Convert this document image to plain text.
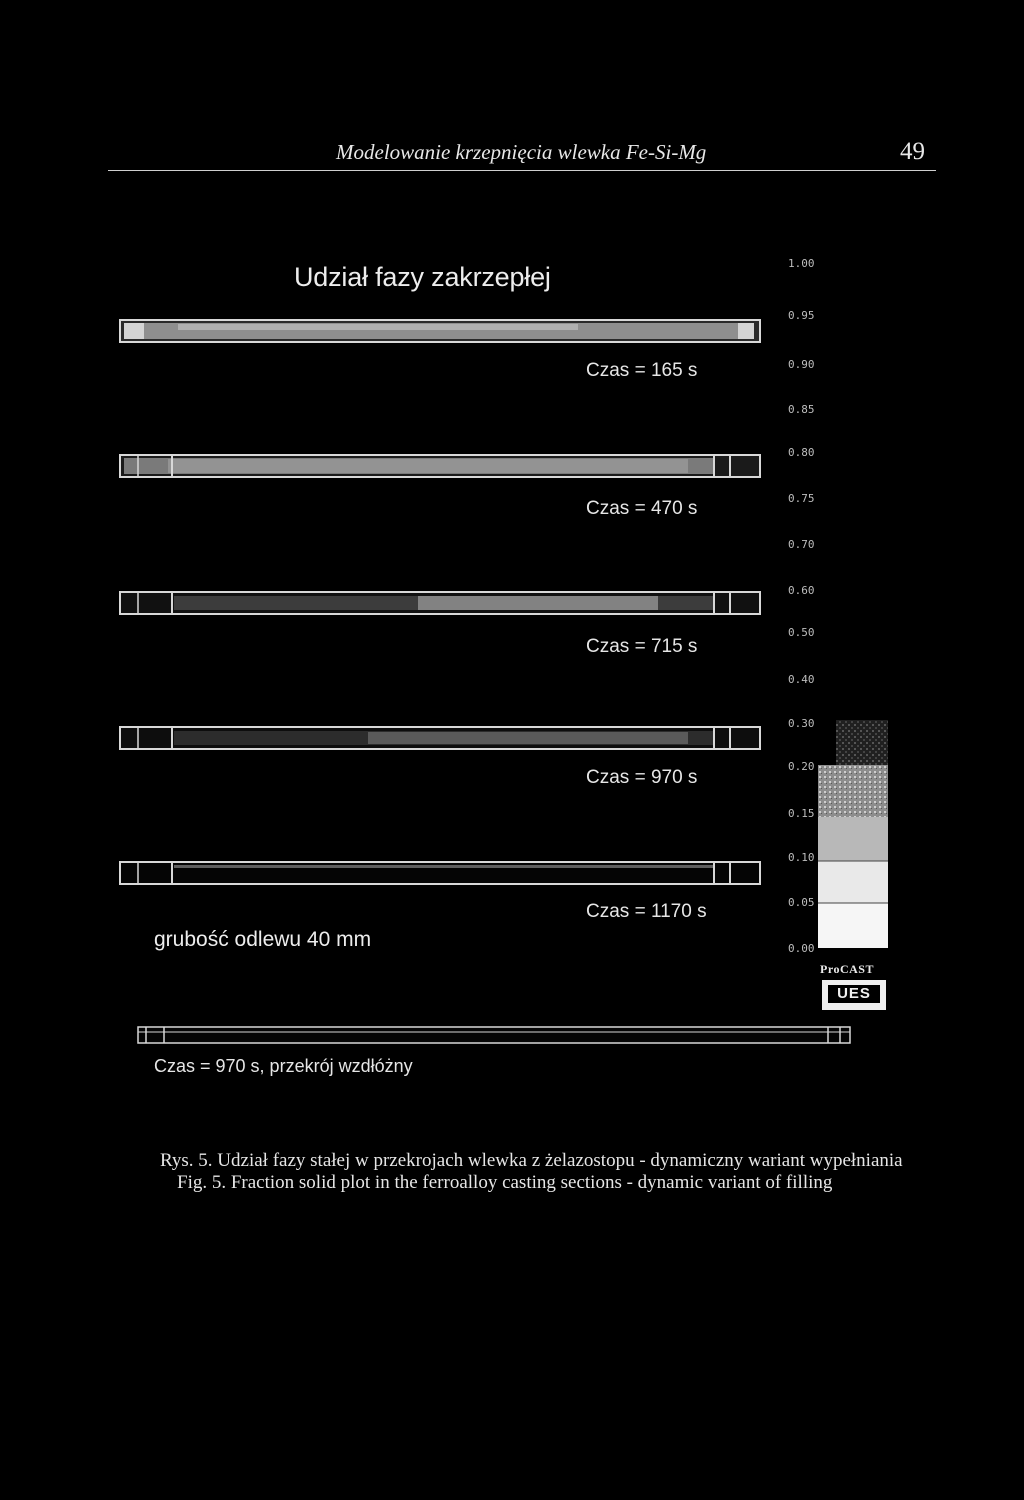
Modelowanie krzepnięcia wlewka Fe-Si-Mg	49
Udział fazy zakrzepłej	1.00
0.95
0.90
0.85
0.80
0.75
0.70
0.60
0.50
0.40
0.30
0.20
0.15
0.10
0.05
0.00
Czas = 165 s
Czas = 470 s
Czas = 715 s
Czas = 970 s
Czas = 1170 s
grubość odlewu 40 mm
ProCAST
UES
Czas = 970 s, przekrój wzdłóżny
Rys. 5. Udział fazy stałej w przekrojach wlewka z żelazostopu - dynamiczny wariant wypełniania
Fig. 5. Fraction solid plot in the ferroalloy casting sections - dynamic variant of filling
